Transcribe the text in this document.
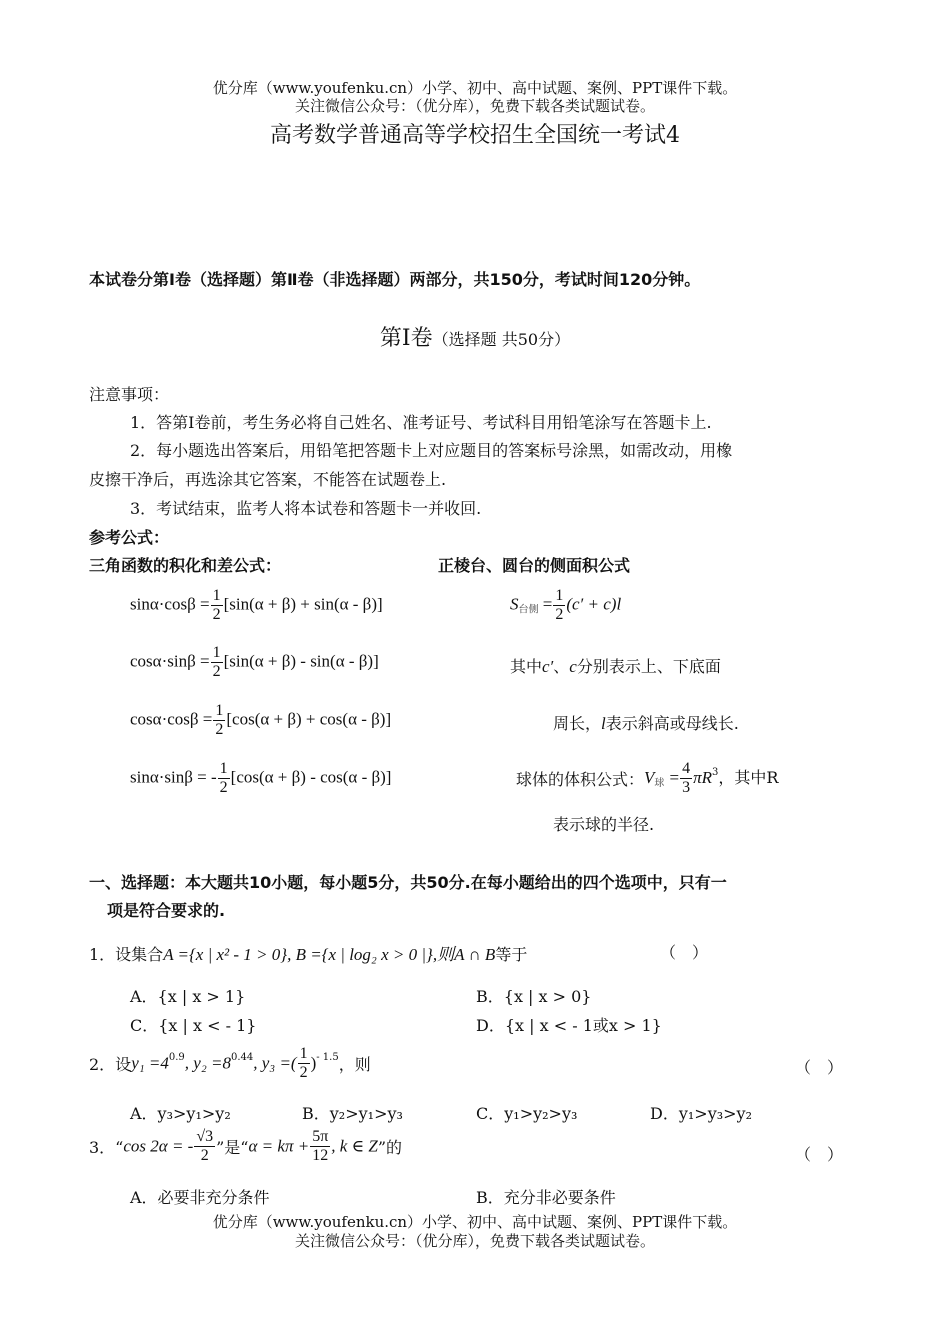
优分库（www.youfenku.cn）小学、初中、高中试题、案例、PPT课件下载。
关注微信公众号：（优分库），免费下载各类试题试卷。
高考数学普通高等学校招生全国统一考试4
本试卷分第Ⅰ卷（选择题）第Ⅱ卷（非选择题）两部分，共150分，考试时间120分钟。
第Ⅰ卷（选择题 共50分）
注意事项：
1．答第Ⅰ卷前，考生务必将自己姓名、准考证号、考试科目用铅笔涂写在答题卡上.
2．每小题选出答案后，用铅笔把答题卡上对应题目的答案标号涂黑，如需改动，用橡
皮擦干净后，再选涂其它答案，不能答在试题卷上.
3．考试结束，监考人将本试卷和答题卡一并收回.
参考公式：
三角函数的积化和差公式：	正棱台、圆台的侧面积公式
$\sin\alpha\cdot\cos\beta = \frac{1}{2} [\sin(\alpha + \beta) + \sin(\alpha - \beta)]$	$S_{台侧} = \frac{1}{2} (c' + c)l$
$\cos\alpha\cdot\sin\beta = \frac{1}{2} [\sin(\alpha + \beta) - \sin(\alpha - \beta)]$	其中c′、c分别表示上、下底面
$\cos\alpha\cdot\cos\beta = \frac{1}{2} [\cos(\alpha + \beta) + \cos(\alpha - \beta)]$	周长，l表示斜高或母线长.
sinα·sinβ = - $\frac{1}{2} [\cos(\alpha + \beta) - \cos(\alpha - \beta)]$	球体的体积公式：$V_球 = \frac{4}{3} \pi R^3$，其中R
表示球的半径.
一、选择题：本大题共10小题，每小题5分，共50分.在每小题给出的四个选项中，只有一
项是符合要求的.
1．设集合A ={x | x² - 1 > 0}, B ={x | log₂ x > 0 |},则A ∩ B等于	（　）
A．{x | x > 1}	B．{x | x > 0}
C．{x | x < - 1}	D．{x | x < - 1或x > 1}
2．设$y_1 =4^{0.9}$, $y_2 =8^{0.44}$, y₃ =( $\frac{1}{2} )^{- 1.5}$，则	（　）
A．y₃>y₁>y₂	B．y₂>y₁>y₃	C．y₁>y₂>y₃	D．y₁>y₃>y₂
3．“cos 2α = - $\frac{√3}{2}$ ”是“$\alpha = k\pi + \frac{5\pi}{12}$ , k ∈ Z”的	（　）
A．必要非充分条件	B．充分非必要条件
优分库（www.youfenku.cn）小学、初中、高中试题、案例、PPT课件下载。
关注微信公众号：（优分库），免费下载各类试题试卷。
